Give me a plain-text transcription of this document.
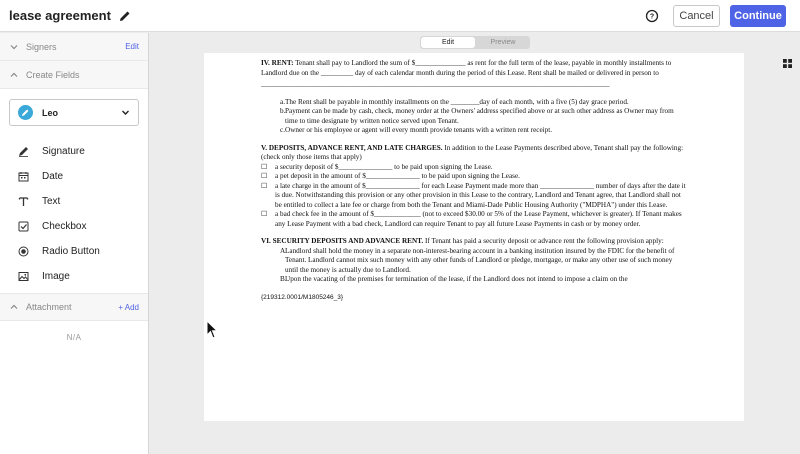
lease agreement	?	Cancel	Continue
Signers	Edit
Create Fields
Leo
Signature
Date
Text
Checkbox
Radio Button
Image
Attachment	+ Add
N/A
Edit	Preview

IV. RENT: Tenant shall pay to Landlord the sum of $______________ as rent for the full term of the lease, payable in monthly installments to Landlord due on the _________ day of each calendar month during the period of this Lease. Rent shall be mailed or delivered in person to

_________________________________________________________________________________________________

a. The Rent shall be payable in monthly installments on the ________day of each month, with a five (5) day grace period.
b. Payment can be made by cash, check, money order at the Owners' address specified above or at such other address as Owner may from time to time designate by written notice served upon Tenant.
c. Owner or his employee or agent will every month provide tenants with a written rent receipt.

V. DEPOSITS, ADVANCE RENT, AND LATE CHARGES. In addition to the Lease Payments described above, Tenant shall pay the following: (check only those items that apply)

☐	a security deposit of $_______________ to be paid upon signing the Lease.
☐	a pet deposit in the amount of $_______________ to be paid upon signing the Lease.
☐	a late charge in the amount of $_______________ for each Lease Payment made more than _______________ number of days after the date it is due. Notwithstanding this provision or any other provision in this Lease to the contrary, Landlord and Tenant agree, that Landlord shall not be entitled to collect a late fee or charge from both the Tenant and Miami-Dade Public Housing Authority ("MDPHA") under this Lease.
☐	a bad check fee in the amount of $_____________ (not to exceed $30.00 or 5% of the Lease Payment, whichever is greater). If Tenant makes any Lease Payment with a bad check, Landlord can require Tenant to pay all future Lease Payments in cash or by money order.

VI. SECURITY DEPOSITS AND ADVANCE RENT. If Tenant has paid a security deposit or advance rent the following provision apply:

A.
Landlord shall hold the money in a separate non-interest-bearing account in a banking institution insured by the FDIC for the benefit of Tenant. Landlord cannot mix such money with any other funds of Landlord or pledge, mortgage, or make any other use of such money until the money is actually due to Landlord.
B.
Upon the vacating of the premises for termination of the lease, if the Landlord does not intend to impose a claim on the

{219312.0001/M1805246_3}
